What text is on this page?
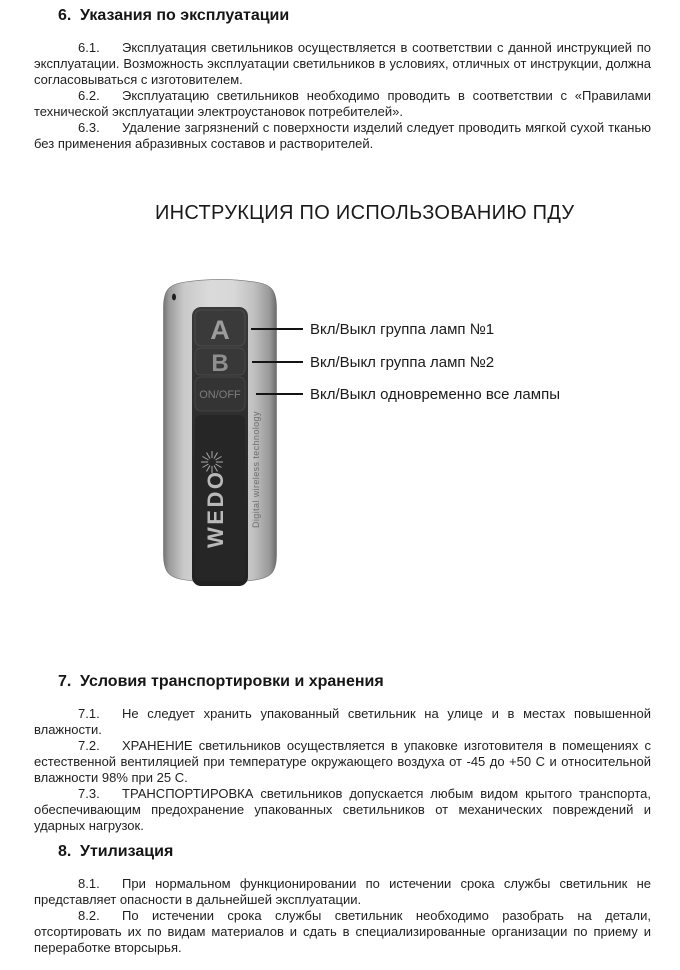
6. Указания по эксплуатации

6.1. Эксплуатация светильников осуществляется в соответствии с данной инструкцией по эксплуатации. Возможность эксплуатации светильников в условиях, отличных от инструкции, должна согласовываться с изготовителем.

6.2. Эксплуатацию светильников необходимо проводить в соответствии с «Правилами технической эксплуатации электроустановок потребителей».

6.3. Удаление загрязнений с поверхности изделий следует проводить мягкой сухой тканью без применения абразивных составов и растворителей.

ИНСТРУКЦИЯ ПО ИСПОЛЬЗОВАНИЮ ПДУ
A
B
ON/OFF
WEDO	Digital wireless technology
Вкл/Выкл группа ламп №1
Вкл/Выкл группа ламп №2
Вкл/Выкл одновременно все лампы
7. Условия транспортировки и хранения

7.1. Не следует хранить упакованный светильник на улице и в местах повышенной влажности.

7.2. ХРАНЕНИЕ светильников осуществляется в упаковке изготовителя в помещениях с естественной вентиляцией при температуре окружающего воздуха от -45 до +50 С и относительной влажности 98% при 25 С.

7.3. ТРАНСПОРТИРОВКА светильников допускается любым видом крытого транспорта, обеспечивающим предохранение упакованных светильников от механических повреждений и ударных нагрузок.

8. Утилизация

8.1. При нормальном функционировании по истечении срока службы светильник не представляет опасности в дальнейшей эксплуатации.

8.2. По истечении срока службы светильник необходимо разобрать на детали, отсортировать их по видам материалов и сдать в специализированные организации по приему и переработке вторсырья.
